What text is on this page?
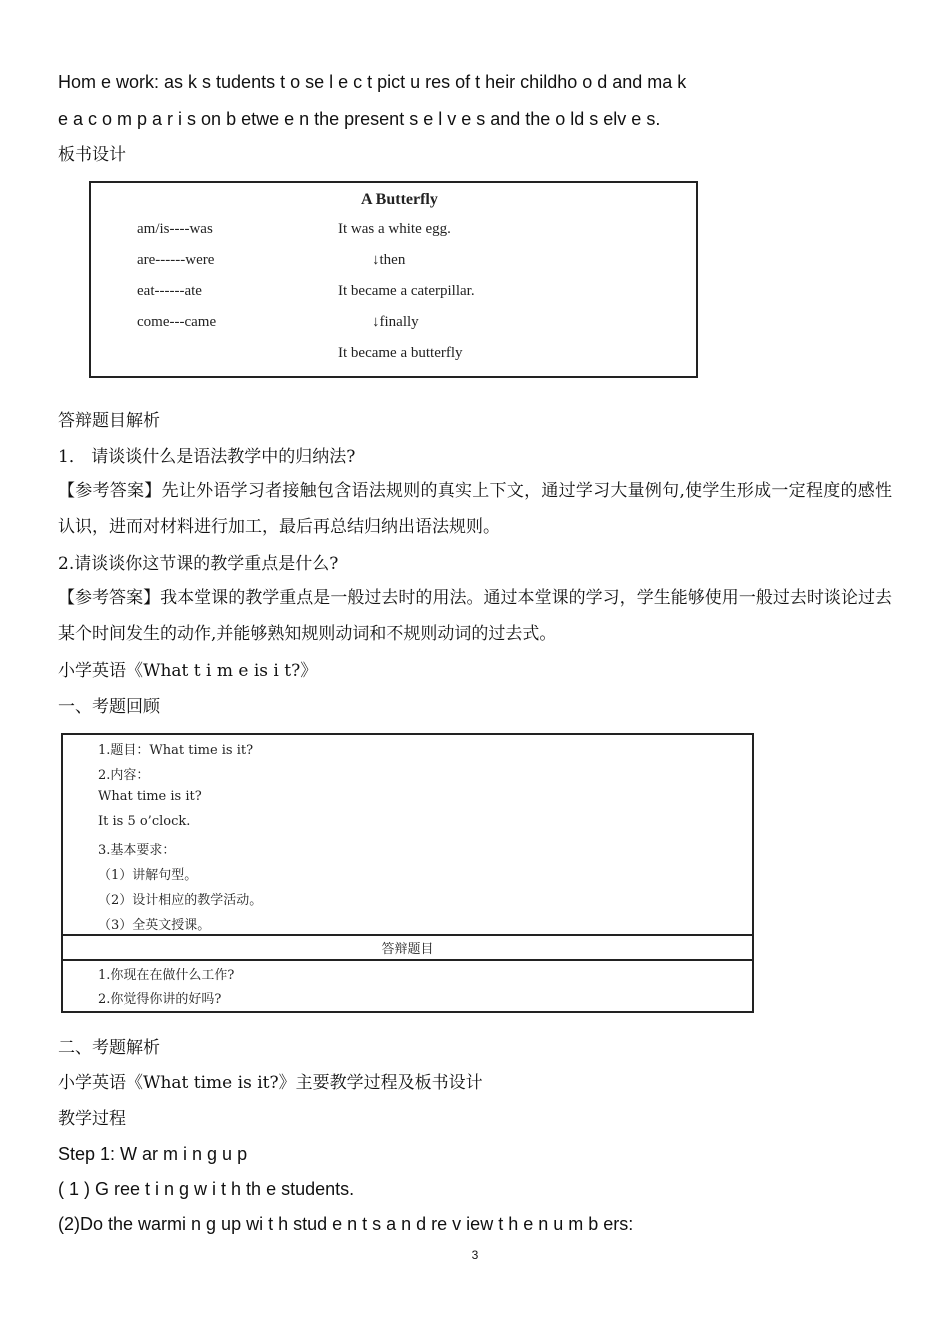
Hom e work: as k s tudents t o se l e c t pict u res of t heir childho o d and ma k
e a c o m p a r i s on b etwe e n the present s e l v e s and the o ld s elv e s.
板书设计
A Butterfly
am/is----was
are------were
eat------ate
come---came
It was a white egg.
↓then
It became a caterpillar.
↓finally
It became a butterfly
答辩题目解析
1． 请谈谈什么是语法教学中的归纳法?
【参考答案】先让外语学习者接触包含语法规则的真实上下文，通过学习大量例句,使学生形成一定程度的感性认识，进而对材料进行加工，最后再总结归纳出语法规则。
2.请谈谈你这节课的教学重点是什么?
【参考答案】我本堂课的教学重点是一般过去时的用法。通过本堂课的学习，学生能够使用一般过去时谈论过去某个时间发生的动作,并能够熟知规则动词和不规则动词的过去式。
小学英语《What t i m e is i t?》
一、考题回顾
1.题目：What time is it?
2.内容：
What time is it?
It is 5 o’clock.
3.基本要求：
（1）讲解句型。
（2）设计相应的教学活动。
（3）全英文授课。
答辩题目
1.你现在在做什么工作?
2.你觉得你讲的好吗?
二、考题解析
小学英语《What time is it?》主要教学过程及板书设计
教学过程
Step 1: W ar m i n g u p
( 1 ) G ree t i n g w i t h th e students.
(2)Do the warmi n g up wi t h stud e n t s a n d re v iew t h e n u m b ers:
3
